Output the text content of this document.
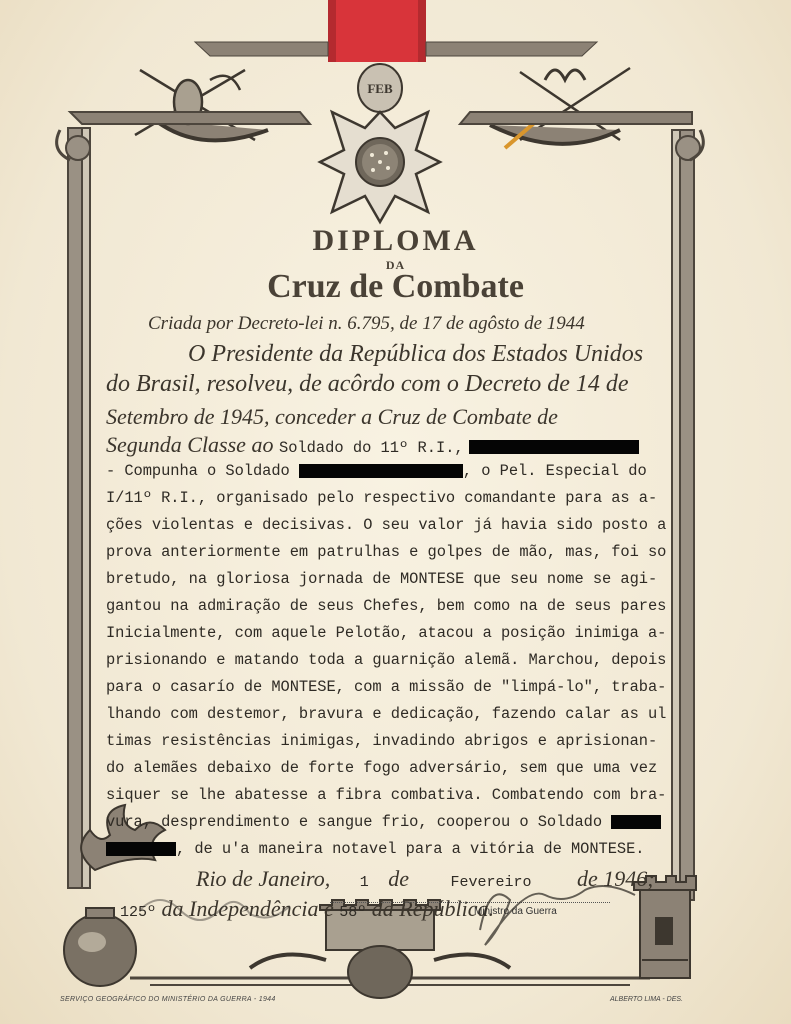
FEB
DIPLOMA
DA
Cruz de Combate
Criada por Decreto-lei n. 6.795, de 17 de agôsto de 1944
O Presidente da República dos Estados Unidos
do Brasil, resolveu, de acôrdo com o Decreto de 14 de
Setembro de 1945, conceder a Cruz de Combate de
Segunda Classe ao Soldado do 11º R.I.,
- Compunha o Soldado	, o Pel. Especial do
I/11º R.I., organisado pelo respectivo comandante para as a-
ções violentas e decisivas. O seu valor já havia sido posto a
prova anteriormente em patrulhas e golpes de mão, mas, foi so
bretudo, na gloriosa jornada de MONTESE que seu nome se agi-
gantou na admiração de seus Chefes, bem como na de seus pares
Inicialmente, com aquele Pelotão, atacou a posição inimiga a-
prisionando e matando toda a guarnição alemã. Marchou, depois
para o casarío de MONTESE, com a missão de "limpá-lo", traba-
lhando com destemor, bravura e dedicação, fazendo calar as ul
timas resistências inimigas, invadindo abrigos e aprisionan-
do alemães debaixo de forte fogo adversário, sem que uma vez
siquer se lhe abatesse a fibra combativa. Combatendo com bra-
vura, desprendimento e sangue frio, cooperou o Soldado
, de u'a maneira notavel para a vitória de MONTESE.
Rio de Janeiro, 1 de	Fevereiro de 1946;
125º da Independência e 58º da República.
Ministro da Guerra
SERVIÇO GEOGRÁFICO DO MINISTÉRIO DA GUERRA - 1944	ALBERTO LIMA - DES.
